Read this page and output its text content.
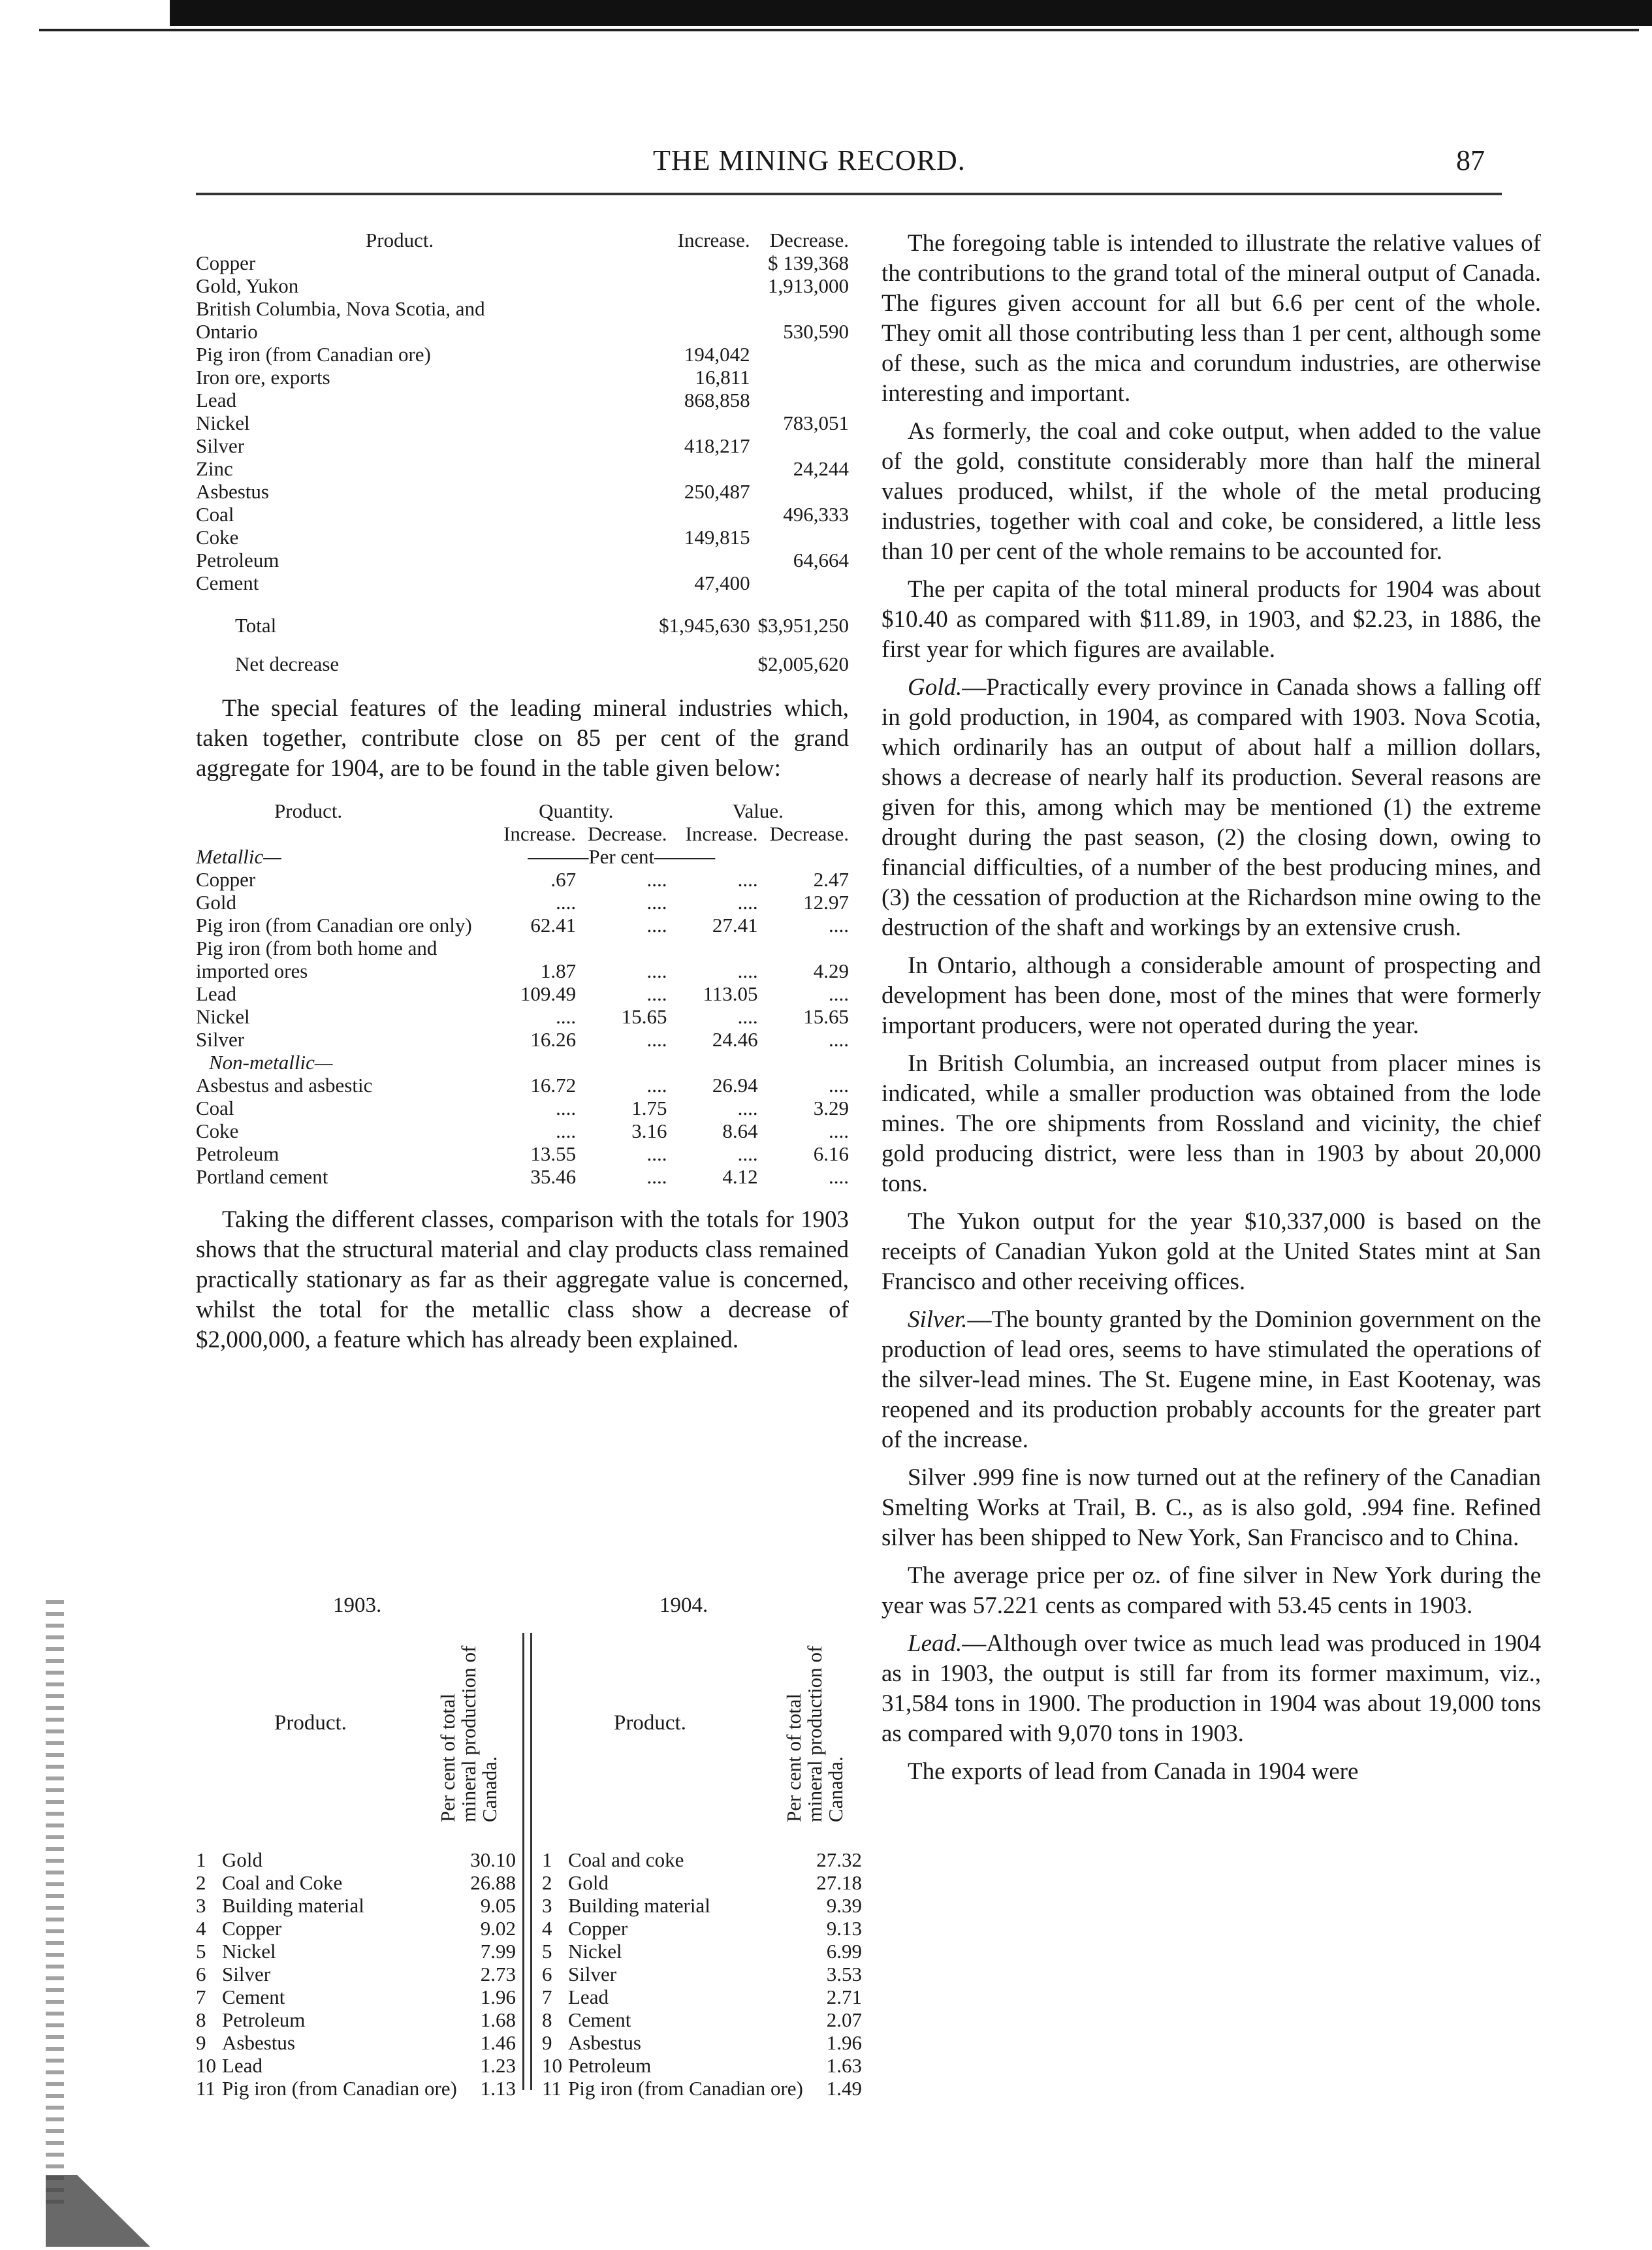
THE MINING RECORD.	87
Product.	Increase.	Decrease.
Copper		$ 139,368
Gold, Yukon		1,913,000
British Columbia, Nova Scotia, and		
Ontario		530,590
Pig iron (from Canadian ore)	194,042	
Iron ore, exports	16,811	
Lead	868,858	
Nickel		783,051
Silver	418,217	
Zinc		24,244
Asbestus	250,487	
Coal		496,333
Coke	149,815	
Petroleum		64,664
Cement	47,400	

Total	$1,945,630	$3,951,250

Net decrease		$2,005,620

The special features of the leading mineral industries which, taken together, contribute close on 85 per cent of the grand aggregate for 1904, are to be found in the table given below:

Product.	Quantity.		Value.	
	Increase.	Decrease.	Increase.	Decrease.
Metallic—	———Per cent———			
Copper	.67	....	....	2.47
Gold	....	....	....	12.97
Pig iron (from Canadian ore only)	62.41	....	27.41	....
Pig iron (from both home and imported ores	1.87	....	....	4.29
Lead	109.49	....	113.05	....
Nickel	....	15.65	....	15.65
Silver	16.26	....	24.46	....
Non-metallic—				
Asbestus and asbestic	16.72	....	26.94	....
Coal	....	1.75	....	3.29
Coke	....	3.16	8.64	....
Petroleum	13.55	....	....	6.16
Portland cement	35.46	....	4.12	....

Taking the different classes, comparison with the totals for 1903 shows that the structural material and clay products class remained practically stationary as far as their aggregate value is concerned, whilst the total for the metallic class show a decrease of $2,000,000, a feature which has already been explained.

1903.
Product.	Per cent of total mineral production of Canada.
1 Gold	30.10
2 Coal and Coke	26.88
3 Building material	9.05
4 Copper	9.02
5 Nickel	7.99
6 Silver	2.73
7 Cement	1.96
8 Petroleum	1.68
9 Asbestus	1.46
10 Lead	1.23
11 Pig iron (from Canadian ore) 1.13
1904.
Product.	Per cent of total mineral production of Canada.
1 Coal and coke	27.32
2 Gold	27.18
3 Building material	9.39
4 Copper	9.13
5 Nickel	6.99
6 Silver	3.53
7 Lead	2.71
8 Cement	2.07
9 Asbestus	1.96
10 Petroleum	1.63
11 Pig iron (from Canadian ore) 1.49

The foregoing table is intended to illustrate the relative values of the contributions to the grand total of the mineral output of Canada. The figures given account for all but 6.6 per cent of the whole. They omit all those contributing less than 1 per cent, although some of these, such as the mica and corundum industries, are otherwise interesting and important.

As formerly, the coal and coke output, when added to the value of the gold, constitute considerably more than half the mineral values produced, whilst, if the whole of the metal producing industries, together with coal and coke, be considered, a little less than 10 per cent of the whole remains to be accounted for.

The per capita of the total mineral products for 1904 was about $10.40 as compared with $11.89, in 1903, and $2.23, in 1886, the first year for which figures are available.

Gold.—Practically every province in Canada shows a falling off in gold production, in 1904, as compared with 1903. Nova Scotia, which ordinarily has an output of about half a million dollars, shows a decrease of nearly half its production. Several reasons are given for this, among which may be mentioned (1) the extreme drought during the past season, (2) the closing down, owing to financial difficulties, of a number of the best producing mines, and (3) the cessation of production at the Richardson mine owing to the destruction of the shaft and workings by an extensive crush.

In Ontario, although a considerable amount of prospecting and development has been done, most of the mines that were formerly important producers, were not operated during the year.

In British Columbia, an increased output from placer mines is indicated, while a smaller production was obtained from the lode mines. The ore shipments from Rossland and vicinity, the chief gold producing district, were less than in 1903 by about 20,000 tons.

The Yukon output for the year $10,337,000 is based on the receipts of Canadian Yukon gold at the United States mint at San Francisco and other receiving offices.

Silver.—The bounty granted by the Dominion government on the production of lead ores, seems to have stimulated the operations of the silver-lead mines. The St. Eugene mine, in East Kootenay, was reopened and its production probably accounts for the greater part of the increase.

Silver .999 fine is now turned out at the refinery of the Canadian Smelting Works at Trail, B. C., as is also gold, .994 fine. Refined silver has been shipped to New York, San Francisco and to China.

The average price per oz. of fine silver in New York during the year was 57.221 cents as compared with 53.45 cents in 1903.

Lead.—Although over twice as much lead was produced in 1904 as in 1903, the output is still far from its former maximum, viz., 31,584 tons in 1900. The production in 1904 was about 19,000 tons as compared with 9,070 tons in 1903.

The exports of lead from Canada in 1904 were
